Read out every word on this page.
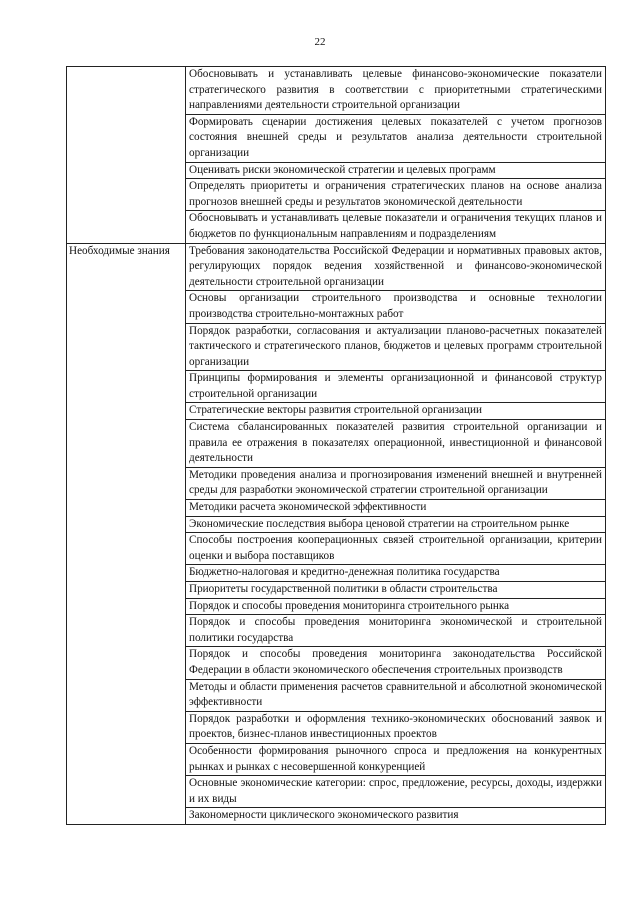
22
	Обосновывать и устанавливать целевые финансово-экономические показатели стратегического развития в соответствии с приоритетными стратегическими направлениями деятельности строительной организации
	Формировать сценарии достижения целевых показателей с учетом прогнозов состояния внешней среды и результатов анализа деятельности строительной организации
	Оценивать риски экономической стратегии и целевых программ
	Определять приоритеты и ограничения стратегических планов на основе анализа прогнозов внешней среды и результатов экономической деятельности
	Обосновывать и устанавливать целевые показатели и ограничения текущих планов и бюджетов по функциональным направлениям и подразделениям
Необходимые знания	Требования законодательства Российской Федерации и нормативных правовых актов, регулирующих порядок ведения хозяйственной и финансово-экономической деятельности строительной организации
	Основы организации строительного производства и основные технологии производства строительно-монтажных работ
	Порядок разработки, согласования и актуализации планово-расчетных показателей тактического и стратегического планов, бюджетов и целевых программ строительной организации
	Принципы формирования и элементы организационной и финансовой структур строительной организации
	Стратегические векторы развития строительной организации
	Система сбалансированных показателей развития строительной организации и правила ее отражения в показателях операционной, инвестиционной и финансовой деятельности
	Методики проведения анализа и прогнозирования изменений внешней и внутренней среды для разработки экономической стратегии строительной организации
	Методики расчета экономической эффективности
	Экономические последствия выбора ценовой стратегии на строительном рынке
	Способы построения кооперационных связей строительной организации, критерии оценки и выбора поставщиков
	Бюджетно-налоговая и кредитно-денежная политика государства
	Приоритеты государственной политики в области строительства
	Порядок и способы проведения мониторинга строительного рынка
	Порядок и способы проведения мониторинга экономической и строительной политики государства
	Порядок и способы проведения мониторинга законодательства Российской Федерации в области экономического обеспечения строительных производств
	Методы и области применения расчетов сравнительной и абсолютной экономической эффективности
	Порядок разработки и оформления технико-экономических обоснований заявок и проектов, бизнес-планов инвестиционных проектов
	Особенности формирования рыночного спроса и предложения на конкурентных рынках и рынках с несовершенной конкуренцией
	Основные экономические категории: спрос, предложение, ресурсы, доходы, издержки и их виды
	Закономерности циклического экономического развития
